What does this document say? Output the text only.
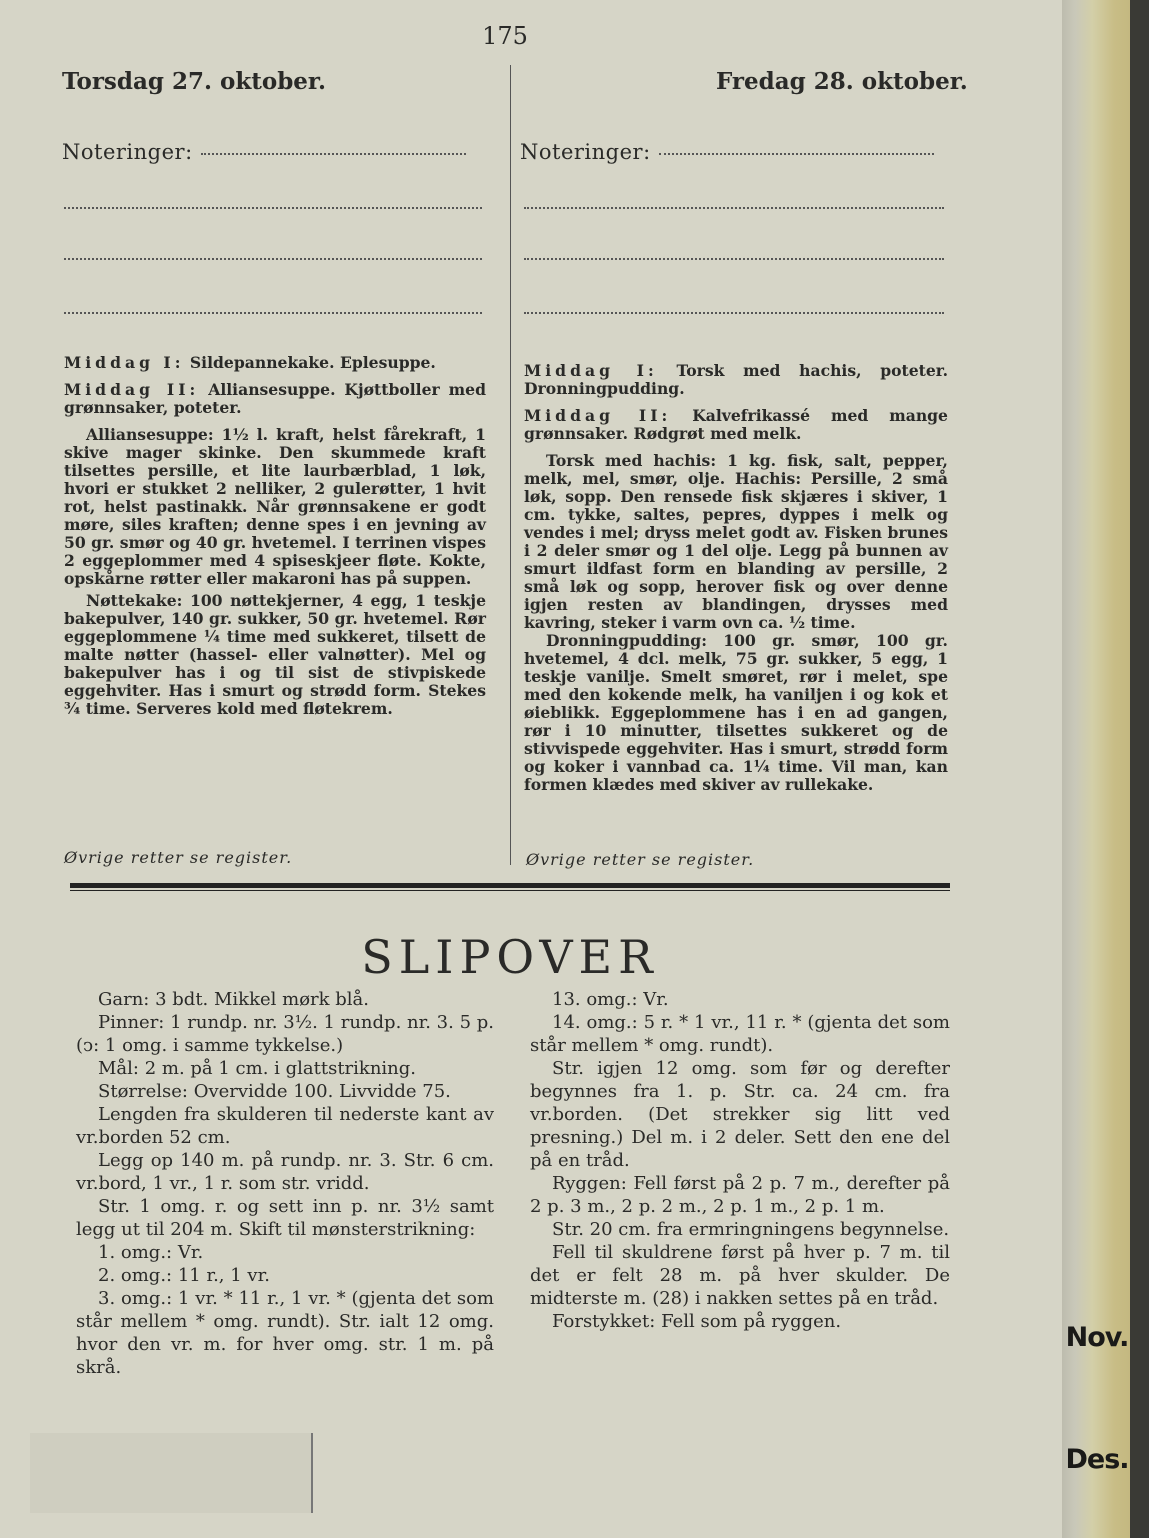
Nov.
Des.
175
Torsdag 27. oktober.
Noteringer:

Middag I: Sildepannekake. Eplesuppe.

Middag II: Alliansesuppe. Kjøttboller med grønnsaker, poteter.

Alliansesuppe: 1½ l. kraft, helst fårekraft, 1 skive mager skinke. Den skummede kraft tilsettes persille, et lite laurbærblad, 1 løk, hvori er stukket 2 nelliker, 2 gulerøtter, 1 hvit rot, helst pastinakk. Når grønnsakene er godt møre, siles kraften; denne spes i en jevning av 50 gr. smør og 40 gr. hvetemel. I terrinen vispes 2 eggeplommer med 4 spiseskjeer fløte. Kokte, opskårne røtter eller makaroni has på suppen.

Nøttekake: 100 nøttekjerner, 4 egg, 1 teskje bakepulver, 140 gr. sukker, 50 gr. hvetemel. Rør eggeplommene ¼ time med sukkeret, tilsett de malte nøtter (hassel- eller valnøtter). Mel og bakepulver has i og til sist de stivpiskede eggehviter. Has i smurt og strødd form. Stekes ¾ time. Serveres kold med fløtekrem.

Øvrige retter se register.
Fredag 28. oktober.
Noteringer:

Middag I: Torsk med hachis, poteter. Dronningpudding.

Middag II: Kalvefrikassé med mange grønnsaker. Rødgrøt med melk.

Torsk med hachis: 1 kg. fisk, salt, pepper, melk, mel, smør, olje. Hachis: Persille, 2 små løk, sopp. Den rensede fisk skjæres i skiver, 1 cm. tykke, saltes, pepres, dyppes i melk og vendes i mel; dryss melet godt av. Fisken brunes i 2 deler smør og 1 del olje. Legg på bunnen av smurt ildfast form en blanding av persille, 2 små løk og sopp, herover fisk og over denne igjen resten av blandingen, drysses med kavring, steker i varm ovn ca. ½ time.

Dronningpudding: 100 gr. smør, 100 gr. hvetemel, 4 dcl. melk, 75 gr. sukker, 5 egg, 1 teskje vanilje. Smelt smøret, rør i melet, spe med den kokende melk, ha vaniljen i og kok et øieblikk. Eggeplommene has i en ad gangen, rør i 10 minutter, tilsettes sukkeret og de stivvispede eggehviter. Has i smurt, strødd form og koker i vannbad ca. 1¼ time. Vil man, kan formen klædes med skiver av rullekake.

Øvrige retter se register.
SLIPOVER

Garn: 3 bdt. Mikkel mørk blå.

Pinner: 1 rundp. nr. 3½. 1 rundp. nr. 3. 5 p. (ↄ: 1 omg. i samme tykkelse.)

Mål: 2 m. på 1 cm. i glattstrikning.

Størrelse: Overvidde 100. Livvidde 75.

Lengden fra skulderen til nederste kant av vr.borden 52 cm.

Legg op 140 m. på rundp. nr. 3. Str. 6 cm. vr.bord, 1 vr., 1 r. som str. vridd.

Str. 1 omg. r. og sett inn p. nr. 3½ samt legg ut til 204 m. Skift til mønsterstrikning:

1. omg.: Vr.

2. omg.: 11 r., 1 vr.

3. omg.: 1 vr. * 11 r., 1 vr. * (gjenta det som står mellem * omg. rundt). Str. ialt 12 omg. hvor den vr. m. for hver omg. str. 1 m. på skrå.

13. omg.: Vr.

14. omg.: 5 r. * 1 vr., 11 r. * (gjenta det som står mellem * omg. rundt).

Str. igjen 12 omg. som før og derefter begynnes fra 1. p. Str. ca. 24 cm. fra vr.borden. (Det strekker sig litt ved presning.) Del m. i 2 deler. Sett den ene del på en tråd.

Ryggen: Fell først på 2 p. 7 m., derefter på 2 p. 3 m., 2 p. 2 m., 2 p. 1 m., 2 p. 1 m.

Str. 20 cm. fra ermringningens begynnelse.

Fell til skuldrene først på hver p. 7 m. til det er felt 28 m. på hver skulder. De midterste m. (28) i nakken settes på en tråd.

Forstykket: Fell som på ryggen.
